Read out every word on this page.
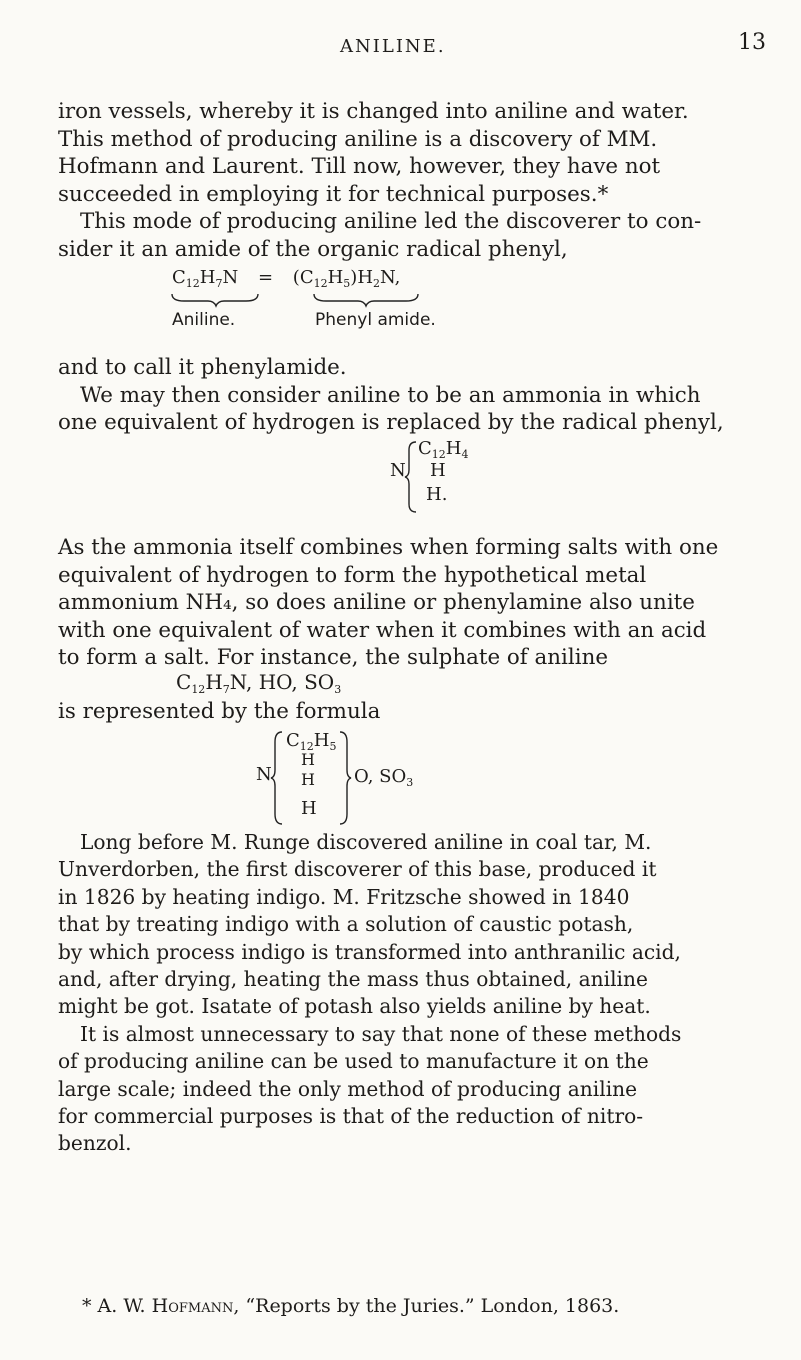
ANILINE.	13
iron vessels, whereby it is changed into aniline and water.
This method of producing aniline is a discovery of MM.
Hofmann and Laurent. Till now, however, they have not
succeeded in employing it for technical purposes.*
This mode of producing aniline led the discoverer to con-
sider it an amide of the organic radical phenyl,
$C_{12}H_7N = (C_{12}H_5)H_2N$,
Aniline.	Phenyl amide.
and to call it phenylamide.
We may then consider aniline to be an ammonia in which
one equivalent of hydrogen is replaced by the radical phenyl,
N
$C_{12}H_4$
H
H.
As the ammonia itself combines when forming salts with one
equivalent of hydrogen to form the hypothetical metal
ammonium NH₄, so does aniline or phenylamine also unite
with one equivalent of water when it combines with an acid
to form a salt. For instance, the sulphate of aniline
$C_{12}H_7N$, HO, $SO_3$
is represented by the formula
N
$C_{12}H_5$
H
H
H
O, $SO_3$
Long before M. Runge discovered aniline in coal tar, M.
Unverdorben, the first discoverer of this base, produced it
in 1826 by heating indigo. M. Fritzsche showed in 1840
that by treating indigo with a solution of caustic potash,
by which process indigo is transformed into anthranilic acid,
and, after drying, heating the mass thus obtained, aniline
might be got. Isatate of potash also yields aniline by heat.
It is almost unnecessary to say that none of these methods
of producing aniline can be used to manufacture it on the
large scale; indeed the only method of producing aniline
for commercial purposes is that of the reduction of nitro-
benzol.
* A. W. Hofmann, “Reports by the Juries.” London, 1863.
